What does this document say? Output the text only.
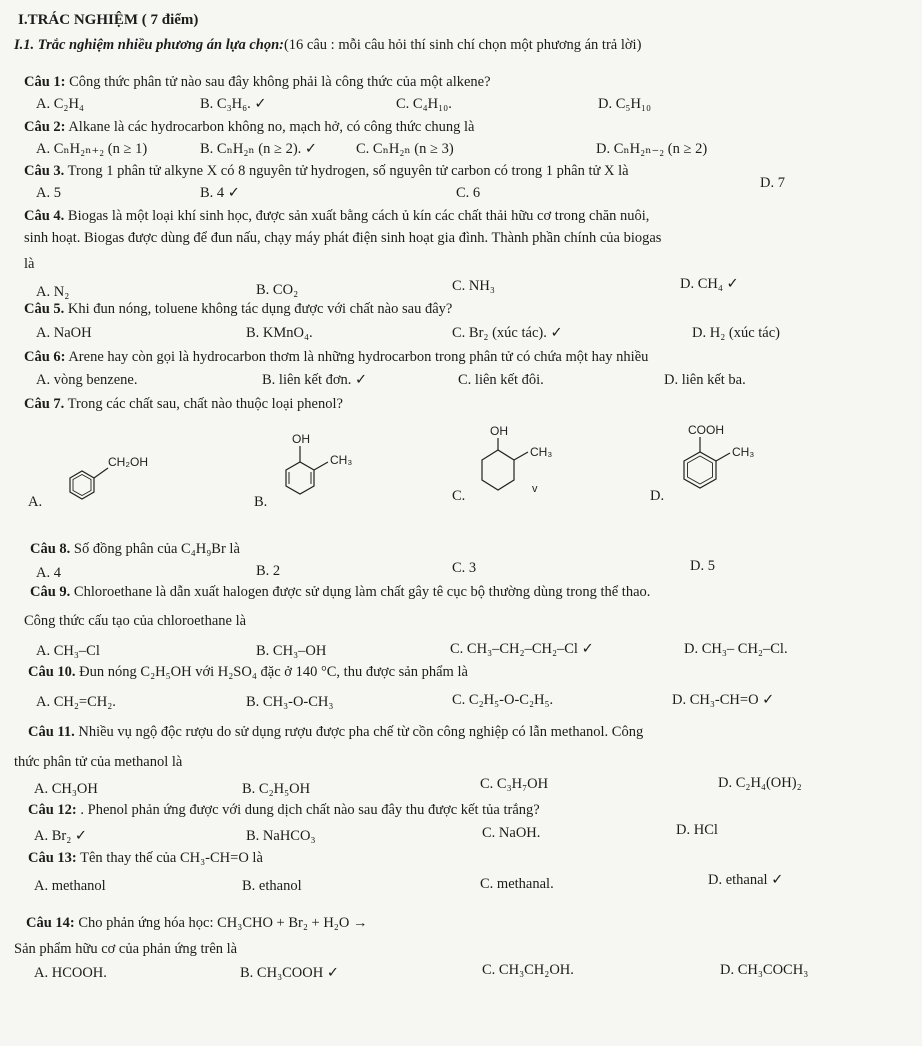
I.TRÁC NGHIỆM ( 7 điểm)
I.1. Trắc nghiệm nhiều phương án lựa chọn:(16 câu : mỗi câu hỏi thí sinh chí chọn một phương án trả lời)
Câu 1: Công thức phân tử nào sau đây không phải là công thức của một alkene?
A. C₂H₄	B. C₃H₆. ✓	C. C₄H₁₀.	D. C₅H₁₀
Câu 2: Alkane là các hydrocarbon không no, mạch hở, có công thức chung là
A. CₙH₂ₙ₊₂ (n ≥ 1)	B. CₙH₂ₙ (n ≥ 2). ✓	C. CₙH₂ₙ (n ≥ 3)	D. CₙH₂ₙ₋₂ (n ≥ 2)
Câu 3. Trong 1 phân tử alkyne X có 8 nguyên tử hydrogen, số nguyên tử carbon có trong 1 phân tử X là
A. 5	B. 4 ✓	C. 6
D. 7
Câu 4. Biogas là một loại khí sinh học, được sản xuất bằng cách ủ kín các chất thải hữu cơ trong chăn nuôi,
sinh hoạt. Biogas được dùng để đun nấu, chạy máy phát điện sinh hoạt gia đình. Thành phần chính của biogas
là
A. N₂	B. CO₂	C. NH₃	D. CH₄ ✓
Câu 5. Khi đun nóng, toluene không tác dụng được với chất nào sau đây?
A. NaOH	B. KMnO₄.	C. Br₂ (xúc tác). ✓	D. H₂ (xúc tác)
Câu 6: Arene hay còn gọi là hydrocarbon thơm là những hydrocarbon trong phân tử có chứa một hay nhiều
A. vòng benzene.	B. liên kết đơn. ✓	C. liên kết đôi.	D. liên kết ba.
Câu 7. Trong các chất sau, chất nào thuộc loại phenol?
A.
CH₂OH
B.
OH
CH₃
C.
OH
CH₃
v	D.
COOH
CH₃
Câu 8. Số đồng phân của C₄H₉Br là
A. 4	B. 2	C. 3	D. 5
Câu 9. Chloroethane là dẫn xuất halogen được sử dụng làm chất gây tê cục bộ thường dùng trong thể thao.
Công thức cấu tạo của chloroethane là
A. CH₃–Cl	B. CH₃–OH	C. CH₃–CH₂–CH₂–Cl ✓	D. CH₃– CH₂–Cl.
Câu 10. Đun nóng C₂H₅OH với H₂SO₄ đặc ở 140 °C, thu được sản phẩm là
A. CH₂=CH₂.	B. CH₃-O-CH₃	C. C₂H₅-O-C₂H₅.	D. CH₃-CH=O ✓
Câu 11. Nhiều vụ ngộ độc rượu do sử dụng rượu được pha chế từ cồn công nghiệp có lẫn methanol. Công
thức phân tử của methanol là
A. CH₃OH	B. C₂H₅OH	C. C₃H₇OH	D. C₂H₄(OH)₂
Câu 12: . Phenol phản ứng được với dung dịch chất nào sau đây thu được kết tủa trắng?
A. Br₂ ✓	B. NaHCO₃	C. NaOH.	D. HCl
Câu 13: Tên thay thế của CH₃-CH=O là
A. methanol	B. ethanol	C. methanal.	D. ethanal ✓
Câu 14: Cho phản ứng hóa học: CH₃CHO + Br₂ + H₂O →
Sản phẩm hữu cơ của phản ứng trên là
A. HCOOH.	B. CH₃COOH ✓	C. CH₃CH₂OH.	D. CH₃COCH₃
